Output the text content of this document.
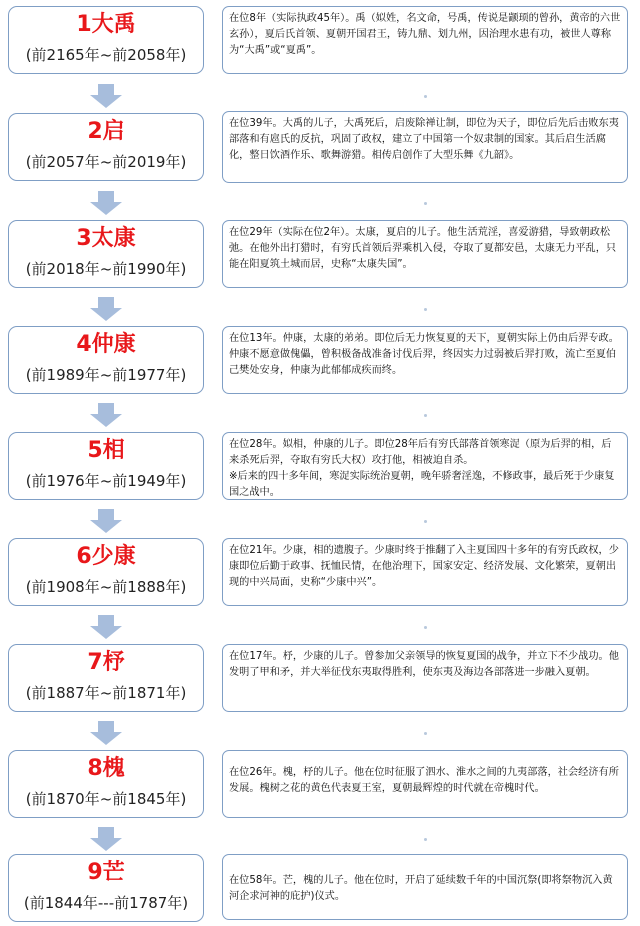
1大禹
(前2165年~前2058年)

在位8年（实际执政45年）。禹（姒姓，名文命，号禹，传说是颛顼的曾孙，黄帝的六世玄孙），夏后氏首领、夏朝开国君王，铸九鼎、划九州，因治理水患有功，被世人尊称为“大禹”或“夏禹”。

2启
(前2057年~前2019年)

在位39年。大禹的儿子，大禹死后，启废除禅让制，即位为天子，即位后先后击败东夷部落和有扈氏的反抗，巩固了政权，建立了中国第一个奴隶制的国家。其后启生活腐化，整日饮酒作乐、歌舞游猎。相传启创作了大型乐舞《九韶》。

3太康
(前2018年~前1990年)

在位29年（实际在位2年）。太康，夏启的儿子。他生活荒淫，喜爱游猎，导致朝政松弛。在他外出打猎时，有穷氏首领后羿乘机入侵，夺取了夏都安邑，太康无力平乱，只能在阳夏筑土城而居，史称“太康失国”。

4仲康
(前1989年~前1977年)

在位13年。仲康，太康的弟弟。即位后无力恢复夏的天下，夏朝实际上仍由后羿专政。仲康不愿意做傀儡，曾积极备战准备讨伐后羿，终因实力过弱被后羿打败，流亡至夏伯己樊处安身，仲康为此郁郁成疾而终。

5相
(前1976年~前1949年)

在位28年。姒相，仲康的儿子。即位28年后有穷氏部落首领寒浞（原为后羿的相，后来杀死后羿，夺取有穷氏大权）攻打他，相被迫自杀。

※后来的四十多年间，寒浞实际统治夏朝，晚年骄奢淫逸，不修政事，最后死于少康复国之战中。

6少康
(前1908年~前1888年)

在位21年。少康，相的遗腹子。少康时终于推翻了入主夏国四十多年的有穷氏政权，少康即位后勤于政事、抚恤民情，在他治理下，国家安定、经济发展、文化繁荣，夏朝出现的中兴局面，史称“少康中兴”。

7杼
(前1887年~前1871年)

在位17年。杼，少康的儿子。曾参加父亲领导的恢复夏国的战争，并立下不少战功。他发明了甲和矛，并大举征伐东夷取得胜利，使东夷及海边各部落进一步融入夏朝。

8槐
(前1870年~前1845年)

在位26年。槐，杼的儿子。他在位时征服了泗水、淮水之间的九夷部落，社会经济有所发展。槐树之花的黄色代表夏王室，夏朝最辉煌的时代就在帝槐时代。

9芒
(前1844年---前1787年)

在位58年。芒，槐的儿子。他在位时，开启了延续数千年的中国沉祭(即将祭物沉入黄河企求河神的庇护)仪式。
